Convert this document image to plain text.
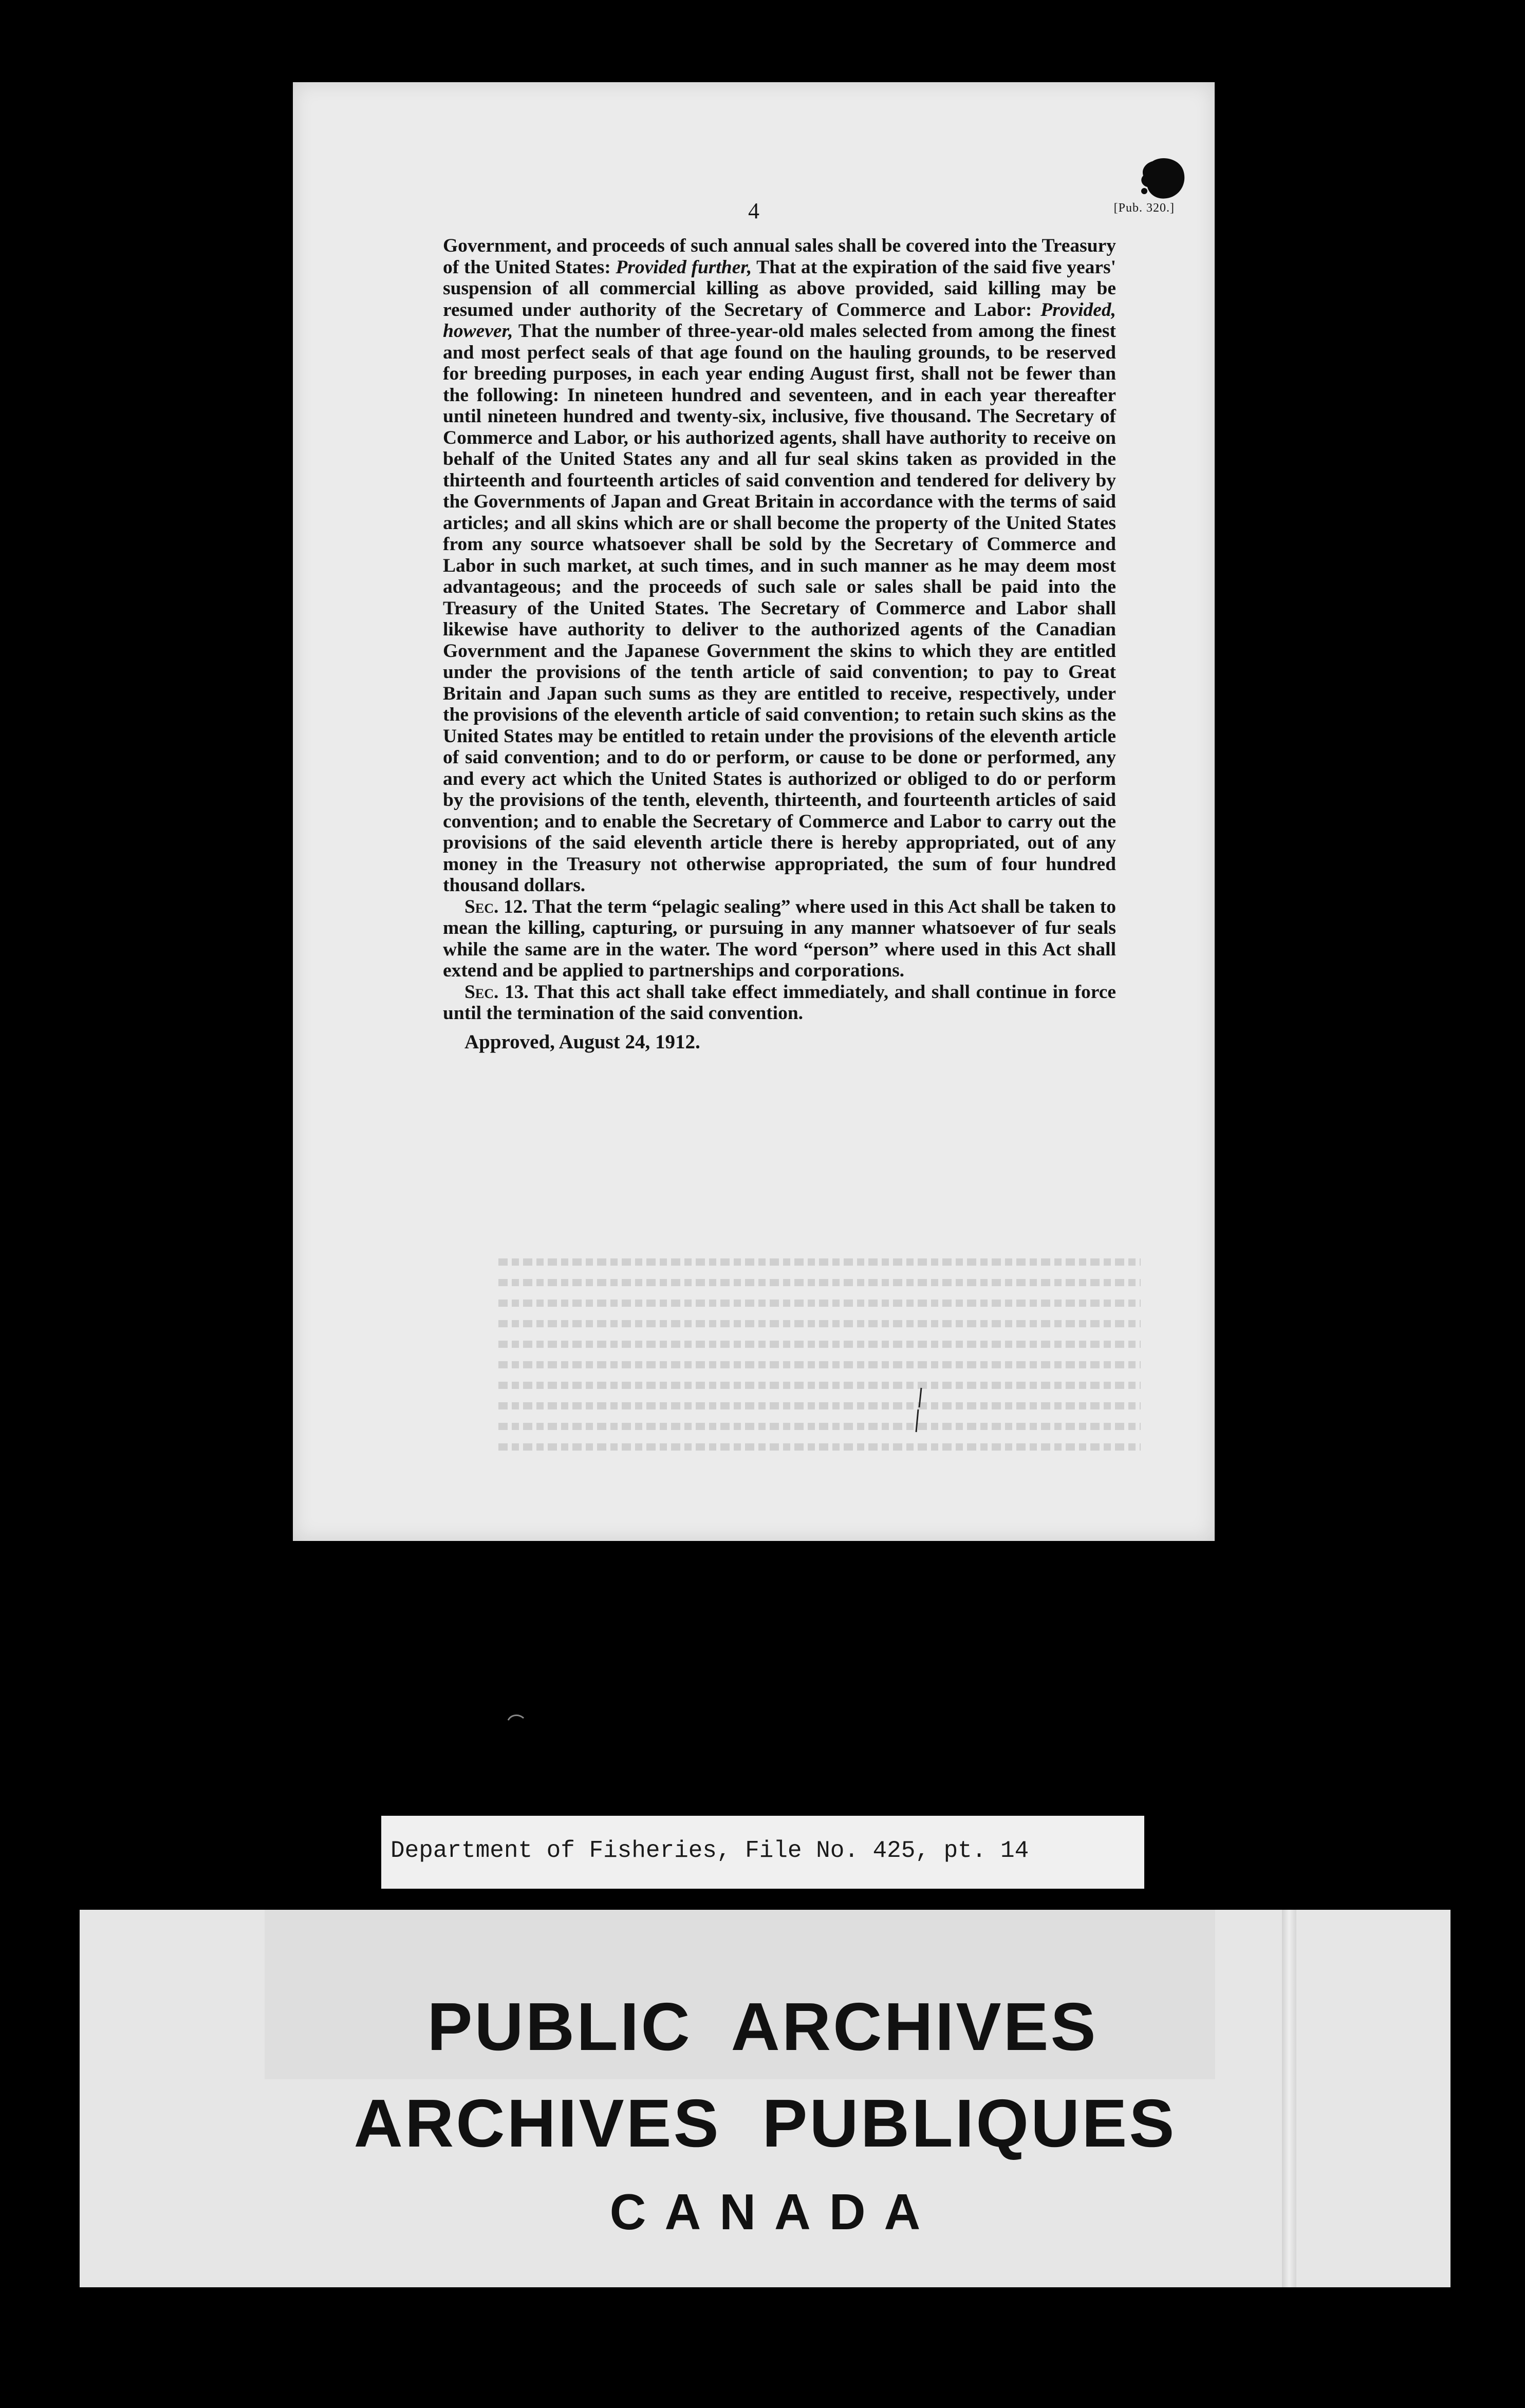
4	[Pub. 320.]

Government, and proceeds of such annual sales shall be covered into the Treasury of the United States: Provided further, That at the expiration of the said five years' suspension of all commercial killing as above provided, said killing may be resumed under authority of the Secretary of Commerce and Labor: Provided, however, That the number of three-year-old males selected from among the finest and most perfect seals of that age found on the hauling grounds, to be reserved for breeding purposes, in each year ending August first, shall not be fewer than the following: In nineteen hundred and seventeen, and in each year thereafter until nineteen hundred and twenty-six, inclusive, five thousand. The Secretary of Commerce and Labor, or his authorized agents, shall have authority to receive on behalf of the United States any and all fur seal skins taken as provided in the thirteenth and fourteenth articles of said convention and tendered for delivery by the Governments of Japan and Great Britain in accordance with the terms of said articles; and all skins which are or shall become the property of the United States from any source whatsoever shall be sold by the Secretary of Commerce and Labor in such market, at such times, and in such manner as he may deem most advantageous; and the proceeds of such sale or sales shall be paid into the Treasury of the United States. The Secretary of Commerce and Labor shall likewise have authority to deliver to the authorized agents of the Canadian Government and the Japanese Government the skins to which they are entitled under the provisions of the tenth article of said convention; to pay to Great Britain and Japan such sums as they are entitled to receive, respectively, under the provisions of the eleventh article of said convention; to retain such skins as the United States may be entitled to retain under the provisions of the eleventh article of said convention; and to do or perform, or cause to be done or performed, any and every act which the United States is authorized or obliged to do or perform by the provisions of the tenth, eleventh, thirteenth, and fourteenth articles of said convention; and to enable the Secretary of Commerce and Labor to carry out the provisions of the said eleventh article there is hereby appropriated, out of any money in the Treasury not otherwise appropriated, the sum of four hundred thousand dollars.

Sec. 12. That the term “pelagic sealing” where used in this Act shall be taken to mean the killing, capturing, or pursuing in any manner whatsoever of fur seals while the same are in the water. The word “person” where used in this Act shall extend and be applied to partnerships and corporations.

Sec. 13. That this act shall take effect immediately, and shall continue in force until the termination of the said convention.

Approved, August 24, 1912.

Department of Fisheries, File No. 425, pt. 14
PUBLIC ARCHIVES
ARCHIVES PUBLIQUES
CANADA
